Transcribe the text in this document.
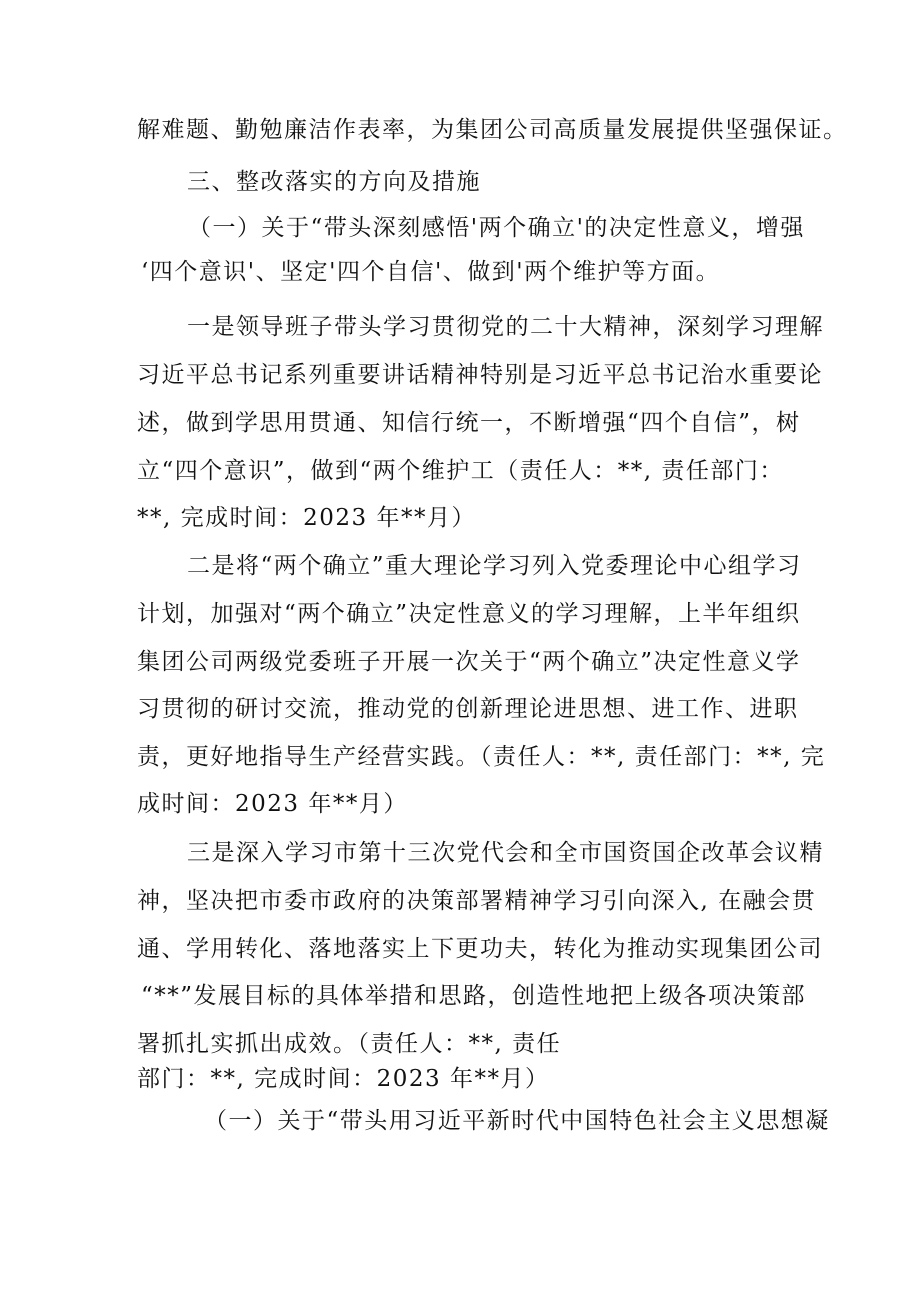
解难题、勤勉廉洁作表率，为集团公司高质量发展提供坚强保证。
三、整改落实的方向及措施
（一）关于“带头深刻感悟'两个确立'的决定性意义，增强
‘四个意识'、坚定'四个自信'、做到'两个维护等方面。
一是领导班子带头学习贯彻党的二十大精神，深刻学习理解
习近平总书记系列重要讲话精神特别是习近平总书记治水重要论
述，做到学思用贯通、知信行统一，不断增强“四个自信”，树
立“四个意识”，做到“两个维护工（责任人：**, 责任部门：
**, 完成时间：2023 年**月）
二是将“两个确立”重大理论学习列入党委理论中心组学习
计划，加强对“两个确立”决定性意义的学习理解，上半年组织
集团公司两级党委班子开展一次关于“两个确立”决定性意义学
习贯彻的研讨交流，推动党的创新理论进思想、进工作、进职
责，更好地指导生产经营实践。（责任人：**, 责任部门：**, 完
成时间：2023 年**月）
三是深入学习市第十三次党代会和全市国资国企改革会议精
神，坚决把市委市政府的决策部署精神学习引向深入, 在融会贯
通、学用转化、落地落实上下更功夫，转化为推动实现集团公司
“**”发展目标的具体举措和思路，创造性地把上级各项决策部
署抓扎实抓出成效。（责任人：**, 责任
部门：**, 完成时间：2023 年**月）
（一）关于“带头用习近平新时代中国特色社会主义思想凝
